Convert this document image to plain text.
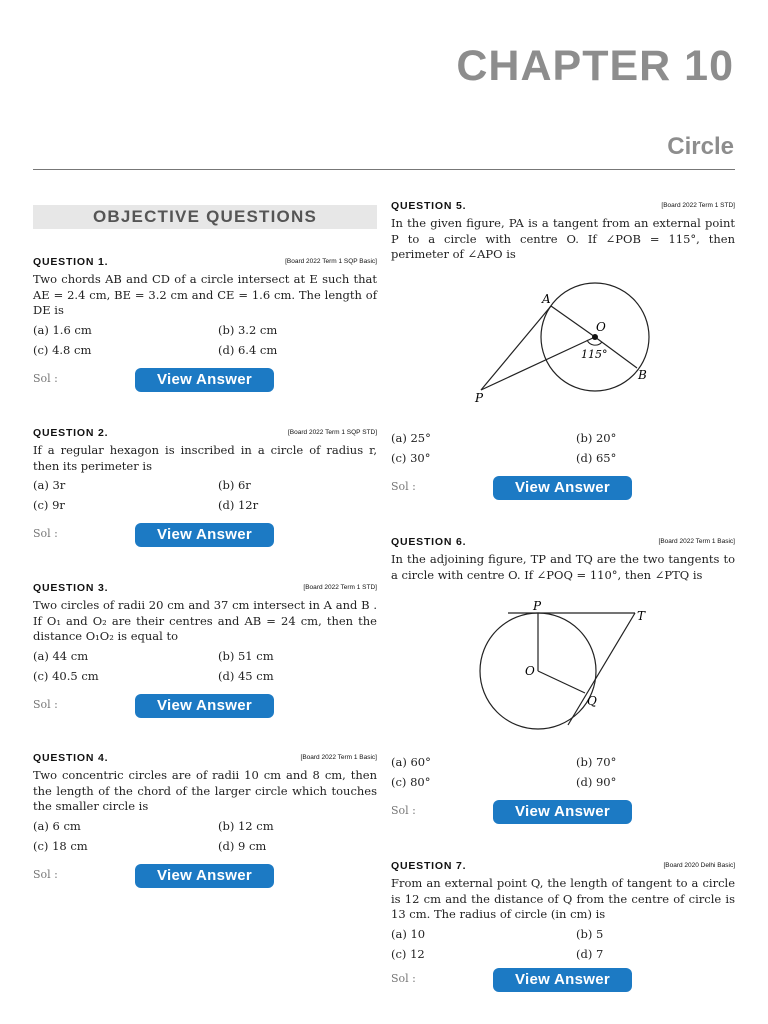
CHAPTER 10
Circle
OBJECTIVE QUESTIONS
QUESTION 1.	[Board 2022 Term 1 SQP Basic]
Two chords AB and CD of a circle intersect at E such that AE = 2.4 cm, BE = 3.2 cm and CE = 1.6 cm. The length of DE is
(a) 1.6 cm	(b) 3.2 cm
(c) 4.8 cm	(d) 6.4 cm
Sol :	View Answer
QUESTION 2.	[Board 2022 Term 1 SQP STD]
If a regular hexagon is inscribed in a circle of radius r, then its perimeter is
(a) 3r	(b) 6r
(c) 9r	(d) 12r
Sol :	View Answer
QUESTION 3.	[Board 2022 Term 1 STD]
Two circles of radii 20 cm and 37 cm intersect in A and B . If O₁ and O₂ are their centres and AB = 24 cm, then the distance O₁O₂ is equal to
(a) 44 cm	(b) 51 cm
(c) 40.5 cm	(d) 45 cm
Sol :	View Answer
QUESTION 4.	[Board 2022 Term 1 Basic]
Two concentric circles are of radii 10 cm and 8 cm, then the length of the chord of the larger circle which touches the smaller circle is
(a) 6 cm	(b) 12 cm
(c) 18 cm	(d) 9 cm
Sol :	View Answer
QUESTION 5.	[Board 2022 Term 1 STD]
In the given figure, PA is a tangent from an external point P to a circle with centre O. If ∠POB = 115°, then perimeter of ∠APO is
A
O
115°
B
P
(a) 25°	(b) 20°
(c) 30°	(d) 65°
Sol :	View Answer
QUESTION 6.	[Board 2022 Term 1 Basic]
In the adjoining figure, TP and TQ are the two tangents to a circle with centre O. If ∠POQ = 110°, then ∠PTQ is
P
T
O
Q
(a) 60°	(b) 70°
(c) 80°	(d) 90°
Sol :	View Answer
QUESTION 7.	[Board 2020 Delhi Basic]
From an external point Q, the length of tangent to a circle is 12 cm and the distance of Q from the centre of circle is 13 cm. The radius of circle (in cm) is
(a) 10	(b) 5
(c) 12	(d) 7
Sol :	View Answer
